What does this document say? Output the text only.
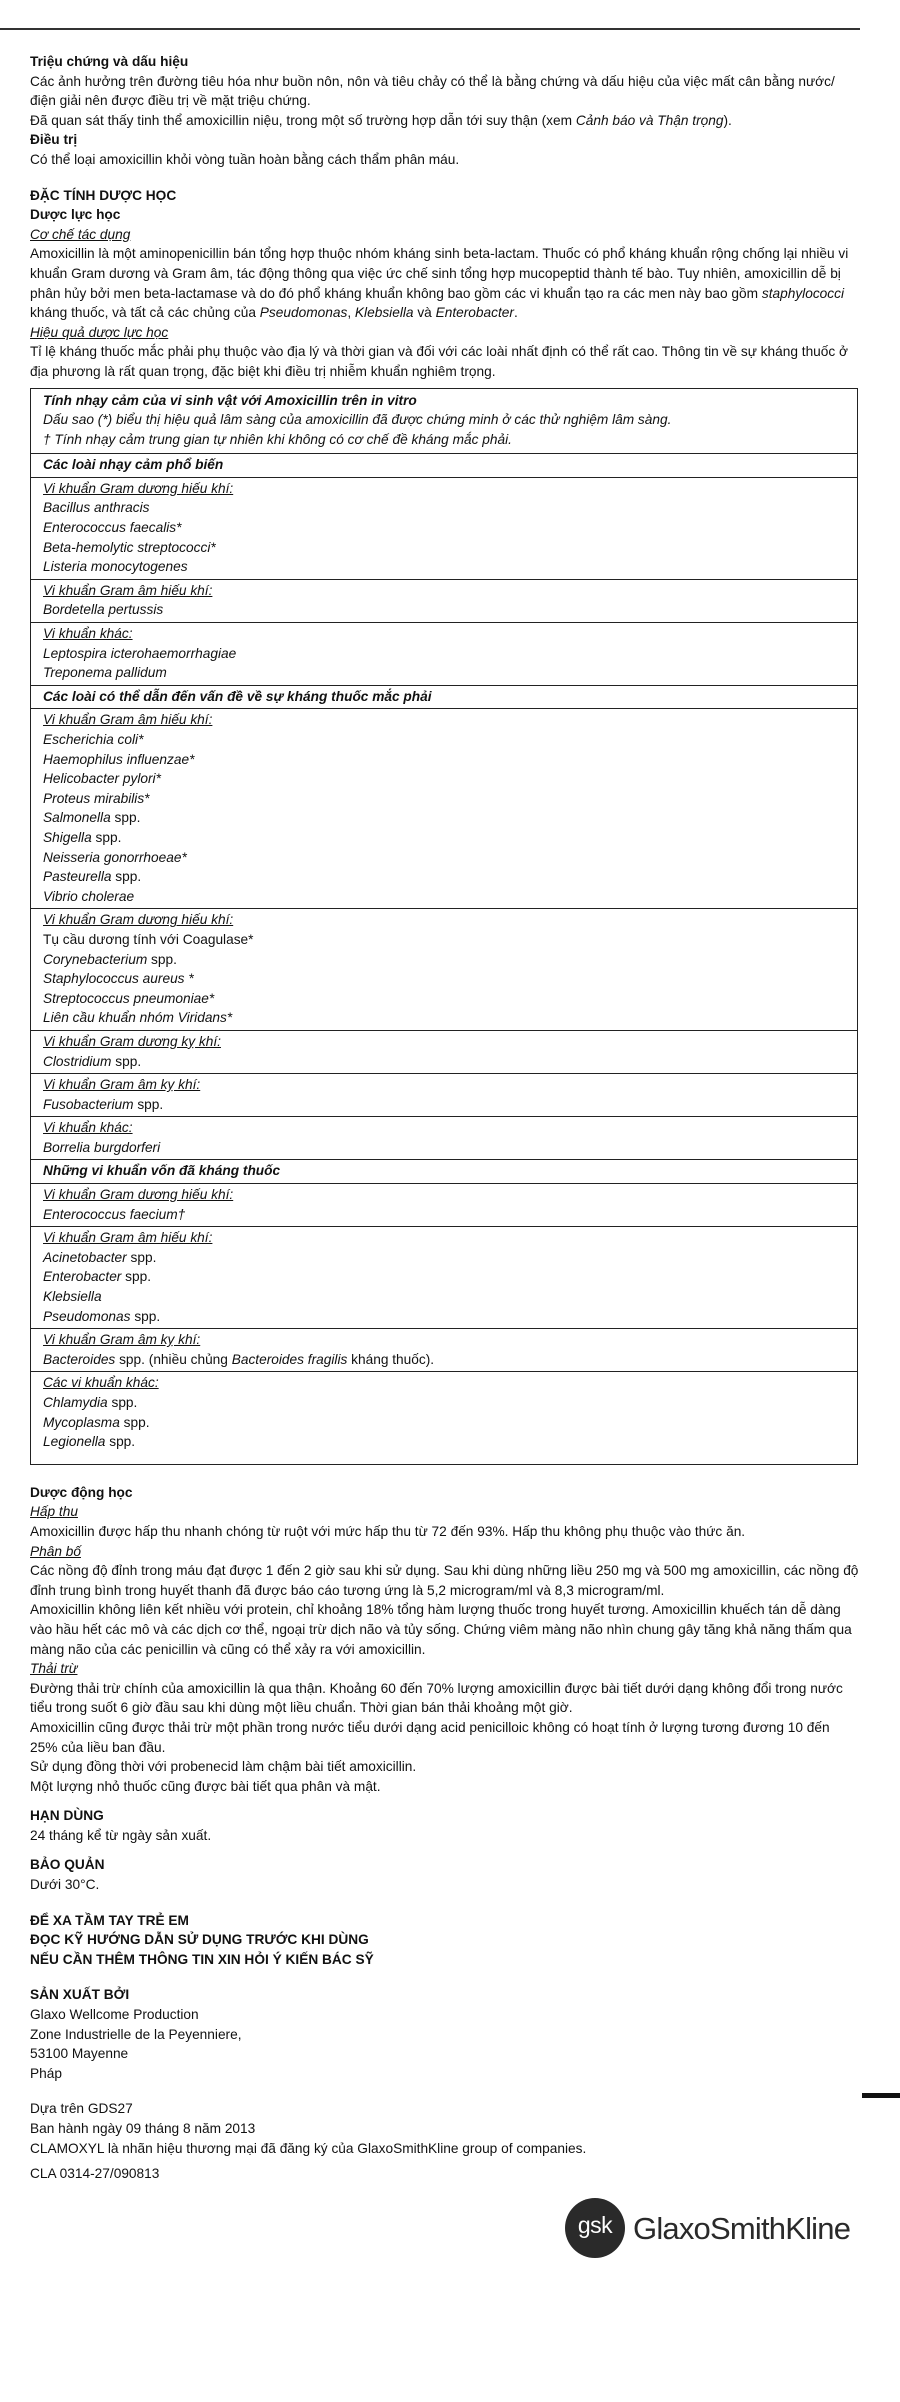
Triệu chứng và dấu hiệu

Các ảnh hưởng trên đường tiêu hóa như buồn nôn, nôn và tiêu chảy có thể là bằng chứng và dấu hiệu của việc mất cân bằng nước/điện giải nên được điều trị về mặt triệu chứng.

Đã quan sát thấy tinh thể amoxicillin niệu, trong một số trường hợp dẫn tới suy thận (xem Cảnh báo và Thận trọng).

Điều trị

Có thể loại amoxicillin khỏi vòng tuần hoàn bằng cách thẩm phân máu.

ĐẶC TÍNH DƯỢC HỌC

Dược lực học

Cơ chế tác dụng

Amoxicillin là một aminopenicillin bán tổng hợp thuộc nhóm kháng sinh beta-lactam. Thuốc có phổ kháng khuẩn rộng chống lại nhiều vi khuẩn Gram dương và Gram âm, tác động thông qua việc ức chế sinh tổng hợp mucopeptid thành tế bào. Tuy nhiên, amoxicillin dễ bị phân hủy bởi men beta-lactamase và do đó phổ kháng khuẩn không bao gồm các vi khuẩn tạo ra các men này bao gồm staphylococci kháng thuốc, và tất cả các chủng của Pseudomonas, Klebsiella và Enterobacter.

Hiệu quả dược lực học

Tỉ lệ kháng thuốc mắc phải phụ thuộc vào địa lý và thời gian và đối với các loài nhất định có thể rất cao. Thông tin về sự kháng thuốc ở địa phương là rất quan trọng, đặc biệt khi điều trị nhiễm khuẩn nghiêm trọng.

Tính nhạy cảm của vi sinh vật với Amoxicillin trên in vitro

Dấu sao (*) biểu thị hiệu quả lâm sàng của amoxicillin đã được chứng minh ở các thử nghiệm lâm sàng.

† Tính nhạy cảm trung gian tự nhiên khi không có cơ chế đề kháng mắc phải.

Các loài nhạy cảm phổ biến

Vi khuẩn Gram dương hiếu khí:

Bacillus anthracis

Enterococcus faecalis*

Beta-hemolytic streptococci*

Listeria monocytogenes

Vi khuẩn Gram âm hiếu khí:

Bordetella pertussis

Vi khuẩn khác:

Leptospira icterohaemorrhagiae

Treponema pallidum

Các loài có thể dẫn đến vấn đề về sự kháng thuốc mắc phải

Vi khuẩn Gram âm hiếu khí:

Escherichia coli*

Haemophilus influenzae*

Helicobacter pylori*

Proteus mirabilis*

Salmonella spp.

Shigella spp.

Neisseria gonorrhoeae*

Pasteurella spp.

Vibrio cholerae

Vi khuẩn Gram dương hiếu khí:

Tụ cầu dương tính với Coagulase*

Corynebacterium spp.

Staphylococcus aureus *

Streptococcus pneumoniae*

Liên cầu khuẩn nhóm Viridans*

Vi khuẩn Gram dương kỵ khí:

Clostridium spp.

Vi khuẩn Gram âm kỵ khí:

Fusobacterium spp.

Vi khuẩn khác:

Borrelia burgdorferi

Những vi khuẩn vốn đã kháng thuốc

Vi khuẩn Gram dương hiếu khí:

Enterococcus faecium†

Vi khuẩn Gram âm hiếu khí:

Acinetobacter spp.

Enterobacter spp.

Klebsiella

Pseudomonas spp.

Vi khuẩn Gram âm kỵ khí:

Bacteroides spp. (nhiều chủng Bacteroides fragilis kháng thuốc).

Các vi khuẩn khác:

Chlamydia spp.

Mycoplasma spp.

Legionella spp.

Dược động học

Hấp thu

Amoxicillin được hấp thu nhanh chóng từ ruột với mức hấp thu từ 72 đến 93%. Hấp thu không phụ thuộc vào thức ăn.

Phân bố

Các nồng độ đỉnh trong máu đạt được 1 đến 2 giờ sau khi sử dụng. Sau khi dùng những liều 250 mg và 500 mg amoxicillin, các nồng độ đỉnh trung bình trong huyết thanh đã được báo cáo tương ứng là 5,2 microgram/ml và 8,3 microgram/ml.

Amoxicillin không liên kết nhiều với protein, chỉ khoảng 18% tổng hàm lượng thuốc trong huyết tương. Amoxicillin khuếch tán dễ dàng vào hầu hết các mô và các dịch cơ thể, ngoại trừ dịch não và tủy sống. Chứng viêm màng não nhìn chung gây tăng khả năng thấm qua màng não của các penicillin và cũng có thể xảy ra với amoxicillin.

Thải trừ

Đường thải trừ chính của amoxicillin là qua thận. Khoảng 60 đến 70% lượng amoxicillin được bài tiết dưới dạng không đổi trong nước tiểu trong suốt 6 giờ đầu sau khi dùng một liều chuẩn. Thời gian bán thải khoảng một giờ.

Amoxicillin cũng được thải trừ một phần trong nước tiểu dưới dạng acid penicilloic không có hoạt tính ở lượng tương đương 10 đến 25% của liều ban đầu.

Sử dụng đồng thời với probenecid làm chậm bài tiết amoxicillin.

Một lượng nhỏ thuốc cũng được bài tiết qua phân và mật.

HẠN DÙNG

24 tháng kể từ ngày sản xuất.

BẢO QUẢN

Dưới 30°C.

ĐỂ XA TẦM TAY TRẺ EM

ĐỌC KỸ HƯỚNG DẪN SỬ DỤNG TRƯỚC KHI DÙNG

NẾU CẦN THÊM THÔNG TIN XIN HỎI Ý KIẾN BÁC SỸ

SẢN XUẤT BỞI

Glaxo Wellcome Production

Zone Industrielle de la Peyenniere,

53100 Mayenne

Pháp

Dựa trên GDS27

Ban hành ngày 09 tháng 8 năm 2013

CLAMOXYL là nhãn hiệu thương mại đã đăng ký của GlaxoSmithKline group of companies.

CLA 0314-27/090813

gsk GlaxoSmithKline
